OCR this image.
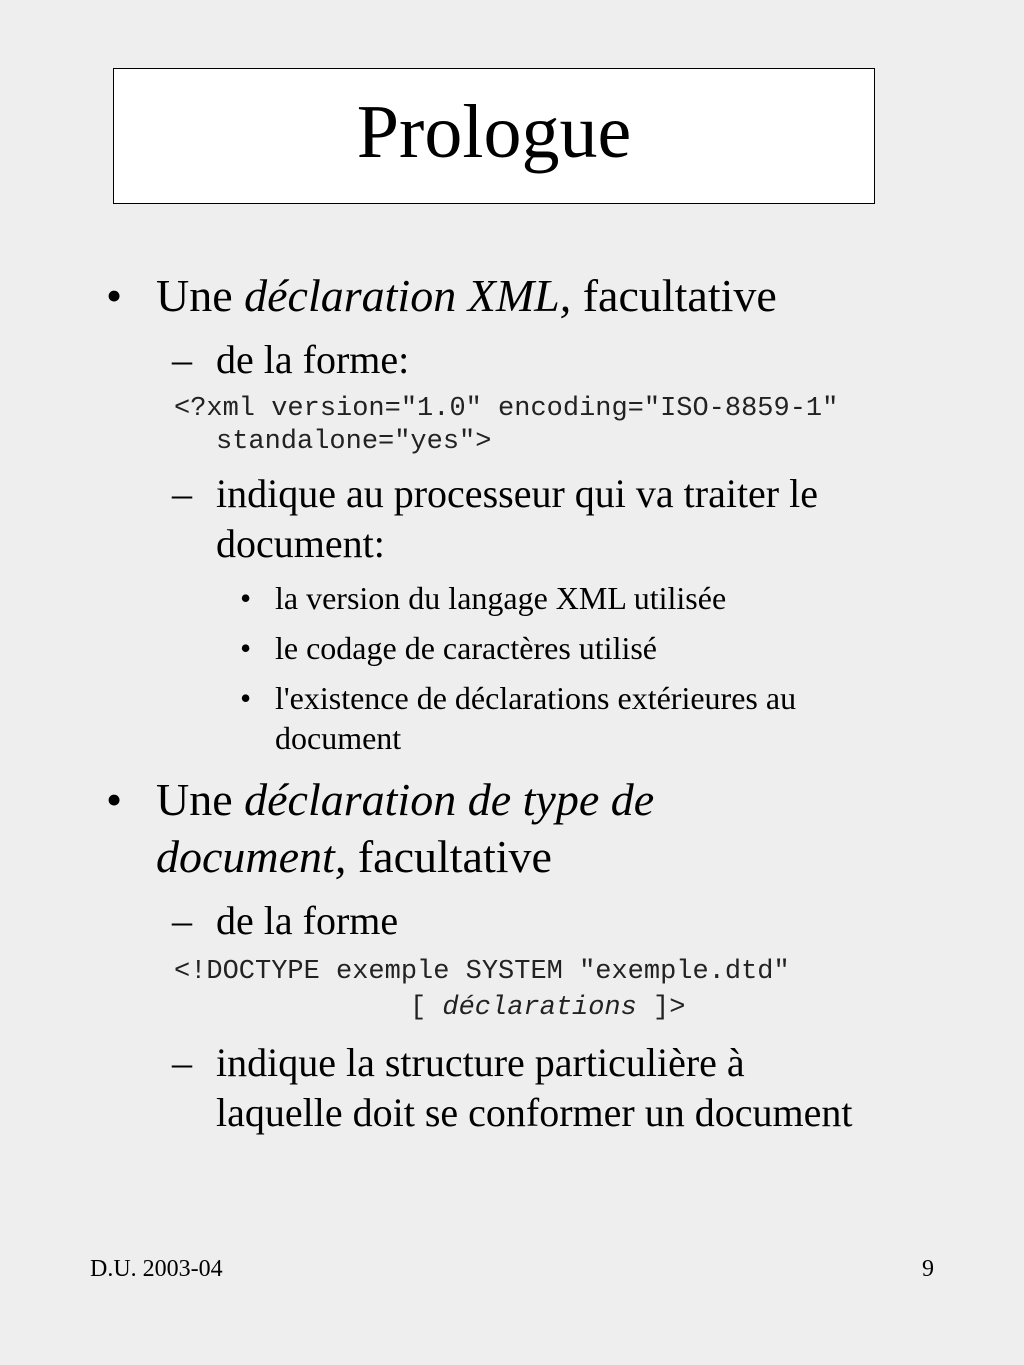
Prologue
• Une déclaration XML, facultative
– de la forme:
<?xml version="1.0" encoding="ISO-8859-1"
standalone="yes">
– indique au processeur qui va traiter le
document:
• la version du langage XML utilisée
• le codage de caractères utilisé
• l'existence de déclarations extérieures au
document
• Une déclaration de type de
document, facultative
– de la forme
<!DOCTYPE exemple SYSTEM "exemple.dtd"
[ déclarations ]>
– indique la structure particulière à
laquelle doit se conformer un document
D.U. 2003-04	9
